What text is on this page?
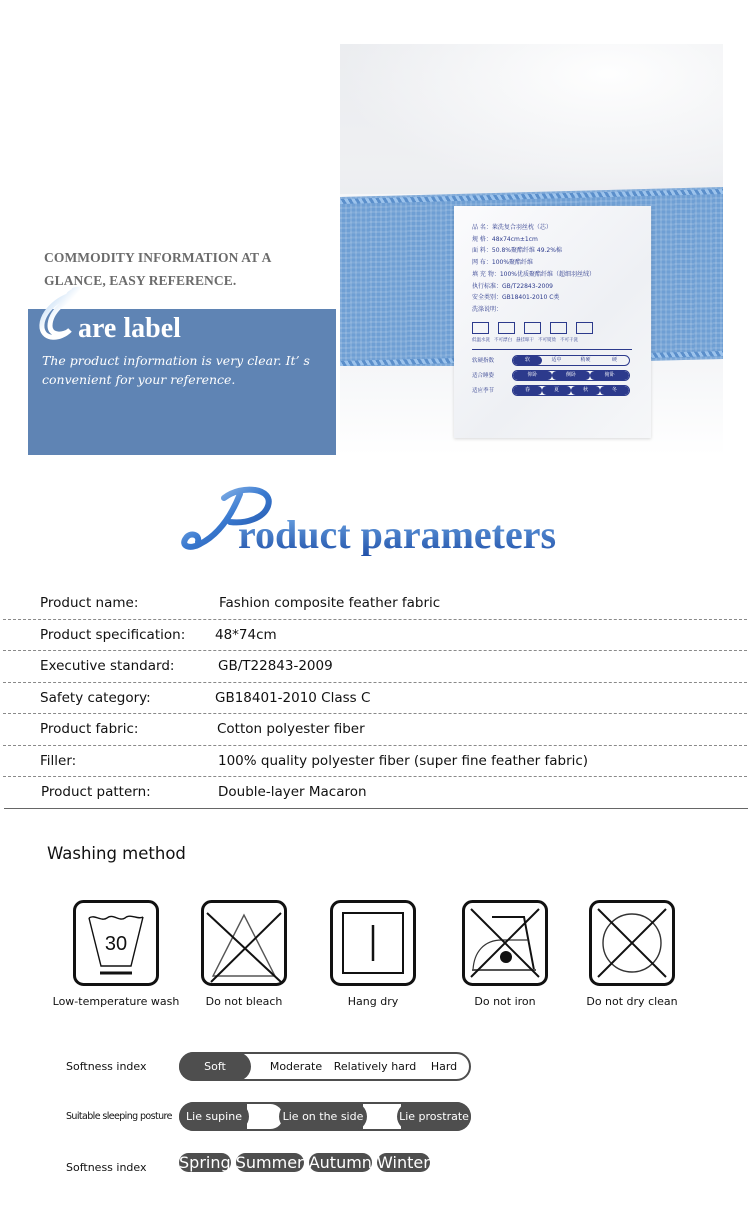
COMMODITY INFORMATION AT A
GLANCE, EASY REFERENCE.
are label
The product information is very clear. It’ s
convenient for your reference.
品 名：莱洗复合羽丝枕（芯）
规 格：48x74cm±1cm
面 料：50.8%聚酯纤维 49.2%棉
网 布：100%聚酯纤维
填 充 物：100%优质聚酯纤维（超细羽丝绒）
执行标准：GB/T22843-2009
安全类别：GB18401-2010 C类
洗涤说明：
低温水洗 不可漂白 悬挂晾干 不可熨烫 不可干洗
软硬指数	软	适中	稍硬	硬
适合睡姿	仰卧	侧卧	俯卧
适应季节	春	夏	秋	冬
roduct parameters
Product name:	Fashion composite feather fabric
Product specification: 48*74cm
Executive standard:	GB/T22843-2009
Safety category:	GB18401-2010 Class C
Product fabric:	Cotton polyester fiber
Filler:	100% quality polyester fiber (super fine feather fabric)
Product pattern:	Double-layer Macaron
Washing method
30
Low-temperature wash	Do not bleach	Hang dry	Do not iron	Do not dry clean
Softness index	Soft	Moderate	Relatively hard	Hard
Suitable sleeping posture	Lie supine	Lie on the side	Lie prostrate
Softness index Spring Summer Autumn Winter
